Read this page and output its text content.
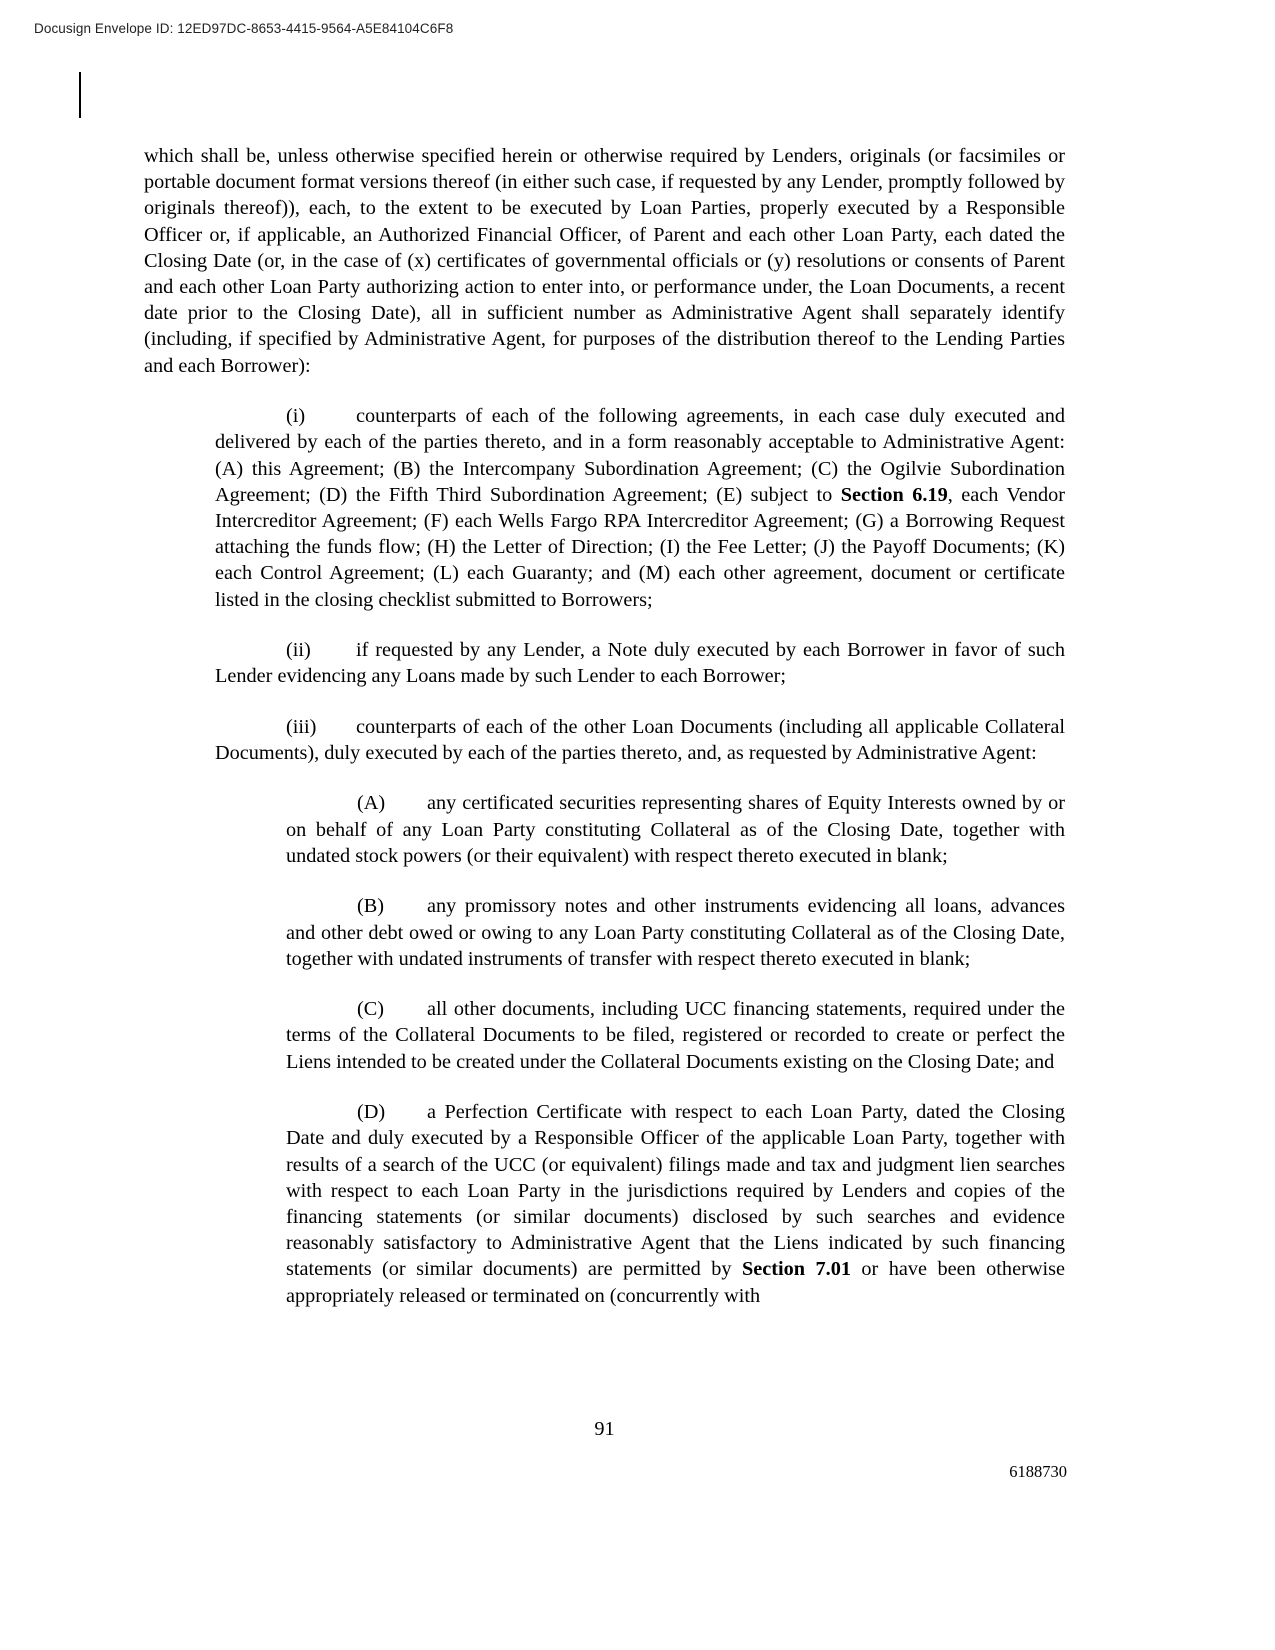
Docusign Envelope ID: 12ED97DC-8653-4415-9564-A5E84104C6F8

which shall be, unless otherwise specified herein or otherwise required by Lenders, originals (or facsimiles or portable document format versions thereof (in either such case, if requested by any Lender, promptly followed by originals thereof)), each, to the extent to be executed by Loan Parties, properly executed by a Responsible Officer or, if applicable, an Authorized Financial Officer, of Parent and each other Loan Party, each dated the Closing Date (or, in the case of (x) certificates of governmental officials or (y) resolutions or consents of Parent and each other Loan Party authorizing action to enter into, or performance under, the Loan Documents, a recent date prior to the Closing Date), all in sufficient number as Administrative Agent shall separately identify (including, if specified by Administrative Agent, for purposes of the distribution thereof to the Lending Parties and each Borrower):

(i)	counterparts of each of the following agreements, in each case duly executed and delivered by each of the parties thereto, and in a form reasonably acceptable to Administrative Agent: (A) this Agreement; (B) the Intercompany Subordination Agreement; (C) the Ogilvie Subordination Agreement; (D) the Fifth Third Subordination Agreement; (E) subject to Section 6.19, each Vendor Intercreditor Agreement; (F) each Wells Fargo RPA Intercreditor Agreement; (G) a Borrowing Request attaching the funds flow; (H) the Letter of Direction; (I) the Fee Letter; (J) the Payoff Documents; (K) each Control Agreement; (L) each Guaranty; and (M) each other agreement, document or certificate listed in the closing checklist submitted to Borrowers;

(ii) if requested by any Lender, a Note duly executed by each Borrower in favor of such Lender evidencing any Loans made by such Lender to each Borrower;

(iii) counterparts of each of the other Loan Documents (including all applicable Collateral Documents), duly executed by each of the parties thereto, and, as requested by Administrative Agent:

(A) any certificated securities representing shares of Equity Interests owned by or on behalf of any Loan Party constituting Collateral as of the Closing Date, together with undated stock powers (or their equivalent) with respect thereto executed in blank;

(B) any promissory notes and other instruments evidencing all loans, advances and other debt owed or owing to any Loan Party constituting Collateral as of the Closing Date, together with undated instruments of transfer with respect thereto executed in blank;

(C) all other documents, including UCC financing statements, required under the terms of the Collateral Documents to be filed, registered or recorded to create or perfect the Liens intended to be created under the Collateral Documents existing on the Closing Date; and

(D) a Perfection Certificate with respect to each Loan Party, dated the Closing Date and duly executed by a Responsible Officer of the applicable Loan Party, together with results of a search of the UCC (or equivalent) filings made and tax and judgment lien searches with respect to each Loan Party in the jurisdictions required by Lenders and copies of the financing statements (or similar documents) disclosed by such searches and evidence reasonably satisfactory to Administrative Agent that the Liens indicated by such financing statements (or similar documents) are permitted by Section 7.01 or have been otherwise appropriately released or terminated on (concurrently with

91
6188730
